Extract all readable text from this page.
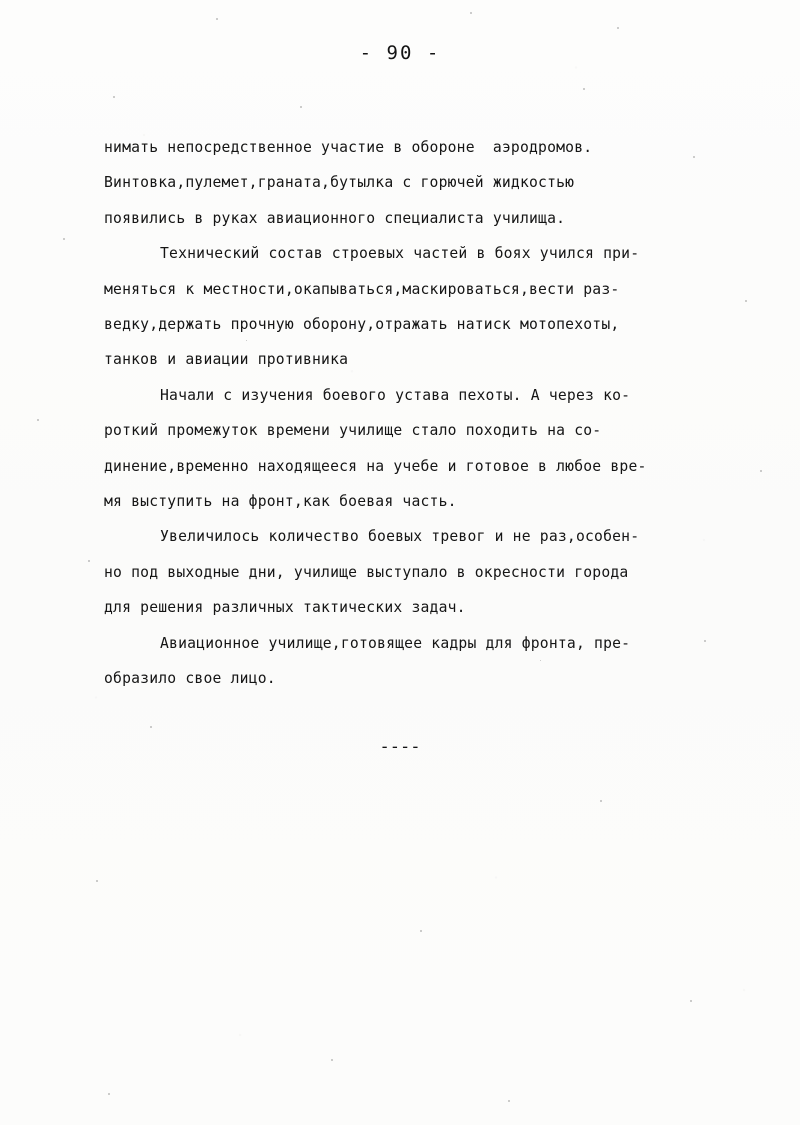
- 90 -
нимать непосредственное участие в обороне  аэродромов.
Винтовка,пулемет,граната,бутылка с горючей жидкостью
появились в руках авиационного специалиста училища.
Технический состав строевых частей в боях учился при-
меняться к местности,окапываться,маскироваться,вести раз-
ведку,держать прочную оборону,отражать натиск мотопехоты,
танков и авиации противника
Начали с изучения боевого устава пехоты. А через ко-
роткий промежуток времени училище стало походить на со-
динение,временно находящееся на учебе и готовое в любое вре-
мя выступить на фронт,как боевая часть.
Увеличилось количество боевых тревог и не раз,особен-
но под выходные дни, училище выступало в окресности города
для решения различных тактических задач.
Авиационное училище,готовящее кадры для фронта, пре-
образило свое лицо.
----
